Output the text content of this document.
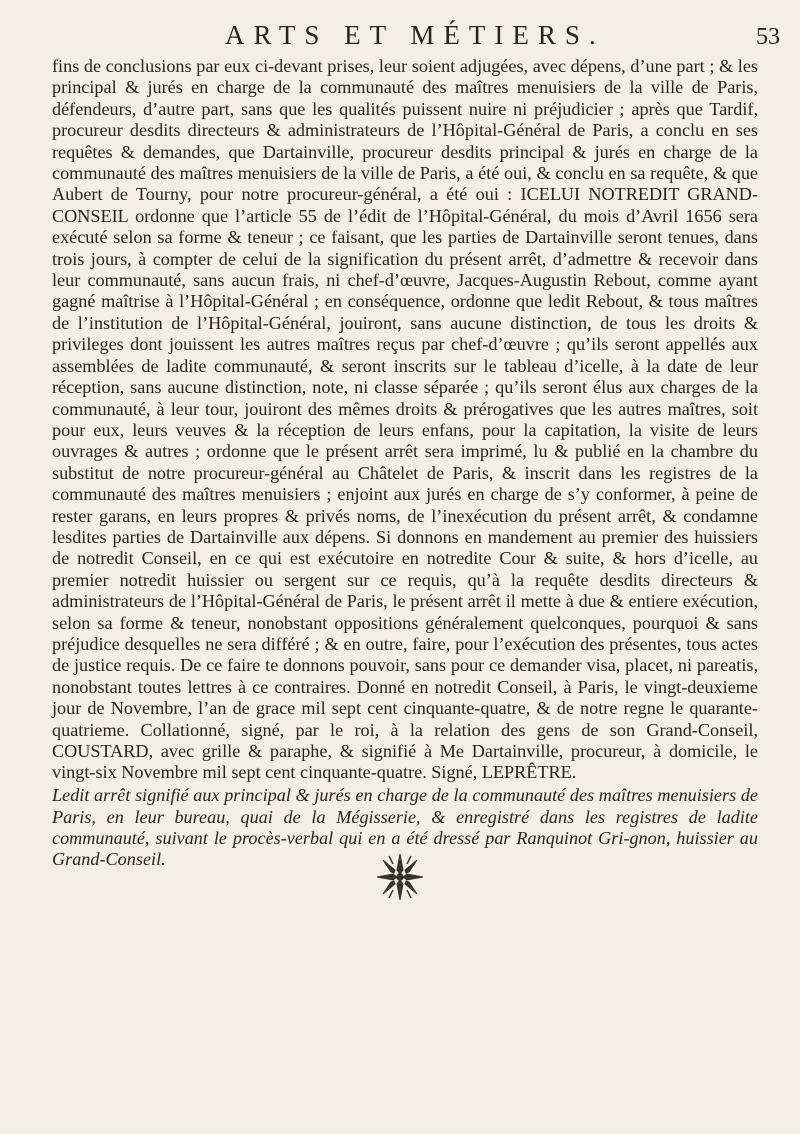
ARTS ET MÉTIERS.	53

fins de conclusions par eux ci-devant prises, leur soient adjugées, avec dépens, d’une part ; & les principal & jurés en charge de la communauté des maîtres menuisiers de la ville de Paris, défendeurs, d’autre part, sans que les qualités puissent nuire ni préjudicier ; après que Tardif, procureur desdits directeurs & administrateurs de l’Hôpital-Général de Paris, a conclu en ses requêtes & demandes, que Dartainville, procureur desdits principal & jurés en charge de la communauté des maîtres menuisiers de la ville de Paris, a été oui, & conclu en sa requête, & que Aubert de Tourny, pour notre procureur-général, a été oui : ICELUI NOTREDIT GRAND-CONSEIL ordonne que l’article 55 de l’édit de l’Hôpital-Général, du mois d’Avril 1656 sera exécuté selon sa forme & teneur ; ce faisant, que les parties de Dartainville seront tenues, dans trois jours, à compter de celui de la signification du présent arrêt, d’admettre & recevoir dans leur communauté, sans aucun frais, ni chef-d’œuvre, Jacques-Augustin Rebout, comme ayant gagné maîtrise à l’Hôpital-Général ; en conséquence, ordonne que ledit Rebout, & tous maîtres de l’institution de l’Hôpital-Général, jouiront, sans aucune distinction, de tous les droits & privileges dont jouissent les autres maîtres reçus par chef-d’œuvre ; qu’ils seront appellés aux assemblées de ladite communauté, & seront inscrits sur le tableau d’icelle, à la date de leur réception, sans aucune distinction, note, ni classe séparée ; qu’ils seront élus aux charges de la communauté, à leur tour, jouiront des mêmes droits & prérogatives que les autres maîtres, soit pour eux, leurs veuves & la réception de leurs enfans, pour la capitation, la visite de leurs ouvrages & autres ; ordonne que le présent arrêt sera imprimé, lu & publié en la chambre du substitut de notre procureur-général au Châtelet de Paris, & inscrit dans les registres de la communauté des maîtres menuisiers ; enjoint aux jurés en charge de s’y conformer, à peine de rester garans, en leurs propres & privés noms, de l’inexécution du présent arrêt, & condamne lesdites parties de Dartainville aux dépens. Si donnons en mandement au premier des huissiers de notredit Conseil, en ce qui est exécutoire en notredite Cour & suite, & hors d’icelle, au premier notredit huissier ou sergent sur ce requis, qu’à la requête desdits directeurs & administrateurs de l’Hôpital-Général de Paris, le présent arrêt il mette à due & entiere exécution, selon sa forme & teneur, nonobstant oppositions généralement quelconques, pourquoi & sans préjudice desquelles ne sera différé ; & en outre, faire, pour l’exécution des présentes, tous actes de justice requis. De ce faire te donnons pouvoir, sans pour ce demander visa, placet, ni pareatis, nonobstant toutes lettres à ce contraires. Donné en notredit Conseil, à Paris, le vingt-deuxieme jour de Novembre, l’an de grace mil sept cent cinquante-quatre, & de notre regne le quarante-quatrieme. Collationné, signé, par le roi, à la relation des gens de son Grand-Conseil, COUSTARD, avec grille & paraphe, & signifié à Me Dartainville, procureur, à domicile, le vingt-six Novembre mil sept cent cinquante-quatre. Signé, LEPRÊTRE.

Ledit arrêt signifié aux principal & jurés en charge de la communauté des maîtres menuisiers de Paris, en leur bureau, quai de la Mégisserie, & enregistré dans les registres de ladite communauté, suivant le procès-verbal qui en a été dressé par Ranquinot Gri-gnon, huissier au Grand-Conseil.
